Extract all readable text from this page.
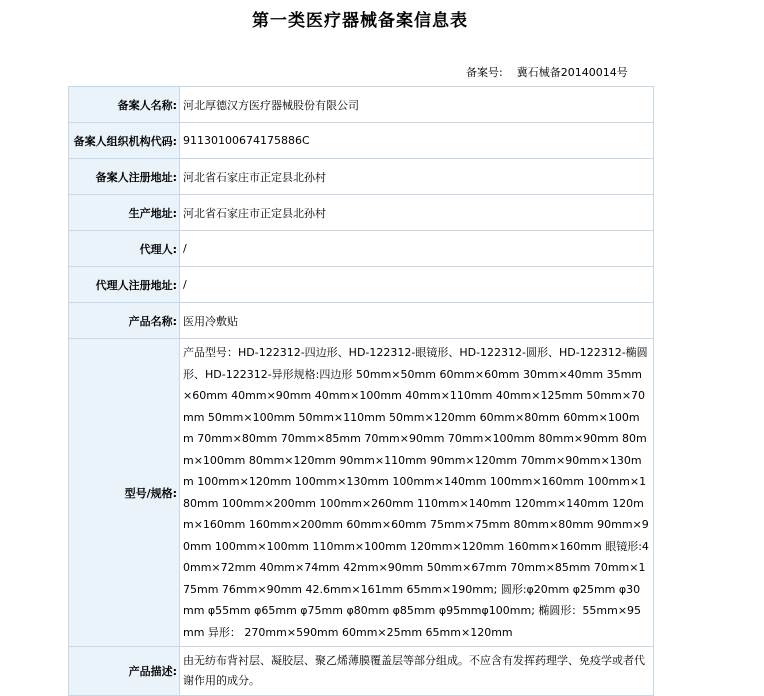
第一类医疗器械备案信息表
备案号: 冀石械备20140014号
备案人名称:	河北厚德汉方医疗器械股份有限公司
备案人组织机构代码:	91130100674175886C
备案人注册地址:	河北省石家庄市正定县北孙村
生产地址:	河北省石家庄市正定县北孙村
代理人:	/
代理人注册地址:	/
产品名称:	医用冷敷贴
型号/规格:	产品型号：HD-122312-四边形、HD-122312-眼镜形、HD-122312-圆形、HD-122312-椭圆形、HD-122312-异形规格:四边形 50mm×50mm 60mm×60mm 30mm×40mm 35mm×60mm 40mm×90mm 40mm×100mm 40mm×110mm 40mm×125mm 50mm×70mm 50mm×100mm 50mm×110mm 50mm×120mm 60mm×80mm 60mm×100mm 70mm×80mm 70mm×85mm 70mm×90mm 70mm×100mm 80mm×90mm 80mm×100mm 80mm×120mm 90mm×110mm 90mm×120mm 70mm×90mm×130mm 100mm×120mm 100mm×130mm 100mm×140mm 100mm×160mm 100mm×180mm 100mm×200mm 100mm×260mm 110mm×140mm 120mm×140mm 120mm×160mm 160mm×200mm 60mm×60mm 75mm×75mm 80mm×80mm 90mm×90mm 100mm×100mm 110mm×100mm 120mm×120mm 160mm×160mm 眼镜形:40mm×72mm 40mm×74mm 42mm×90mm 50mm×67mm 70mm×85mm 70mm×175mm 76mm×90mm 42.6mm×161mm 65mm×190mm; 圆形:φ20mm φ25mm φ30mm φ55mm φ65mm φ75mm φ80mm φ85mm φ95mmφ100mm; 椭圆形：55mm×95mm 异形： 270mm×590mm 60mm×25mm 65mm×120mm
产品描述:	由无纺布背衬层、凝胶层、聚乙烯薄膜覆盖层等部分组成。不应含有发挥药理学、免疫学或者代谢作用的成分。
